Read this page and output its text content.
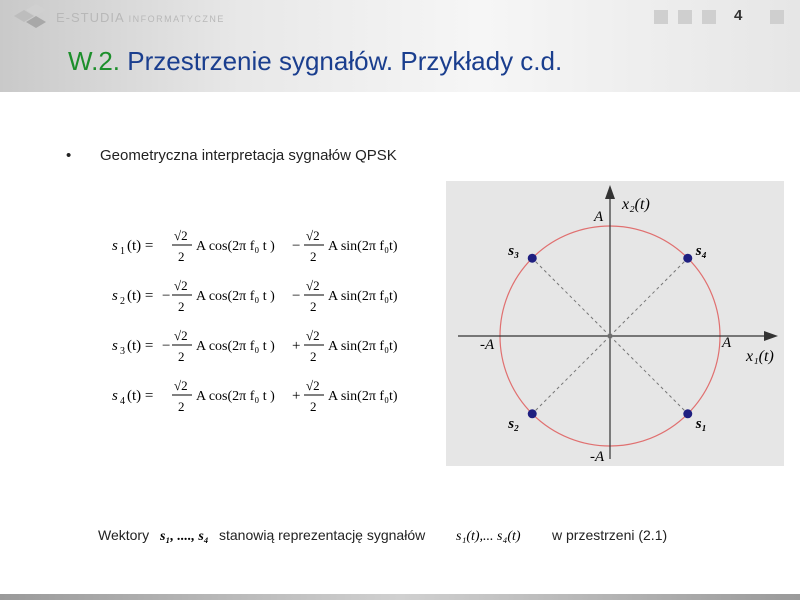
E-STUDIA INFORMATYCZNE	4
W.2. Przestrzenie sygnałów. Przykłady c.d.
• Geometryczna interpretacja sygnałów QPSK
s 1 (t) =
√2
2
A cos(2π f₀ t ) −
√2
2
A sin(2π f₀t)
s 2 (t) = −
√2
2
A cos(2π f₀ t ) −
√2
2
A sin(2π f₀t)
s 3 (t) = −
√2
2
A cos(2π f₀ t ) +
√2
2
A sin(2π f₀t)
s 4 (t) =
√2
2
A cos(2π f₀ t ) +
√2
2
A sin(2π f₀t)
s₄
s₃
s₂	s₁
x₂(t)
x₁(t)
A
A
-A
-A
Wektory s₁, ...., s₄ stanowią reprezentację sygnałów s₁(t),... s₄(t) w przestrzeni (2.1)
